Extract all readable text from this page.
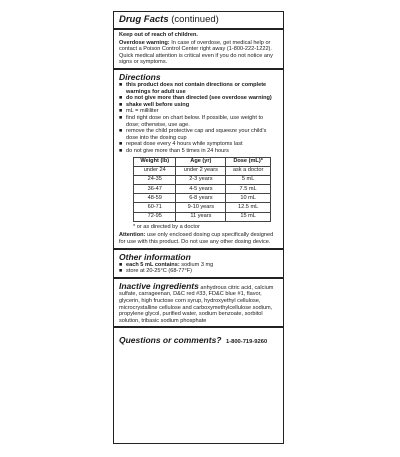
Drug Facts (continued)
Keep out of reach of children.
Overdose warning: In case of overdose, get medical help or contact a Poison Control Center right away (1-800-222-1222). Quick medical attention is critical even if you do not notice any signs or symptoms.
Directions
■ this product does not contain directions or complete warnings for adult use
■ do not give more than directed (see overdose warning)
■ shake well before using
■ mL = milliliter
■ find right dose on chart below. If possible, use weight to dose; otherwise, use age.
■ remove the child protective cap and squeeze your child's dose into the dosing cup
■ repeat dose every 4 hours while symptoms last
■ do not give more than 5 times in 24 hours
Weight (lb)	Age (yr)	Dose (mL)*
under 24	under 2 years	ask a doctor
24-35	2-3 years	5 mL
36-47	4-5 years	7.5 mL
48-59	6-8 years	10 mL
60-71	9-10 years	12.5 mL
72-95	11 years	15 mL
* or as directed by a doctor
Attention: use only enclosed dosing cup specifically designed for use with this product. Do not use any other dosing device.
Other information
■ each 5 mL contains: sodium 3 mg
■ store at 20-25°C (68-77°F)
Inactive ingredients anhydrous citric acid, calcium sulfate, carrageenan, D&C red #33, FD&C blue #1, flavor, glycerin, high fructose corn syrup, hydroxyethyl cellulose, microcrystalline cellulose and carboxymethylcellulose sodium, propylene glycol, purified water, sodium benzoate, sorbitol solution, tribasic sodium phosphate
Questions or comments? 1-800-719-9260
